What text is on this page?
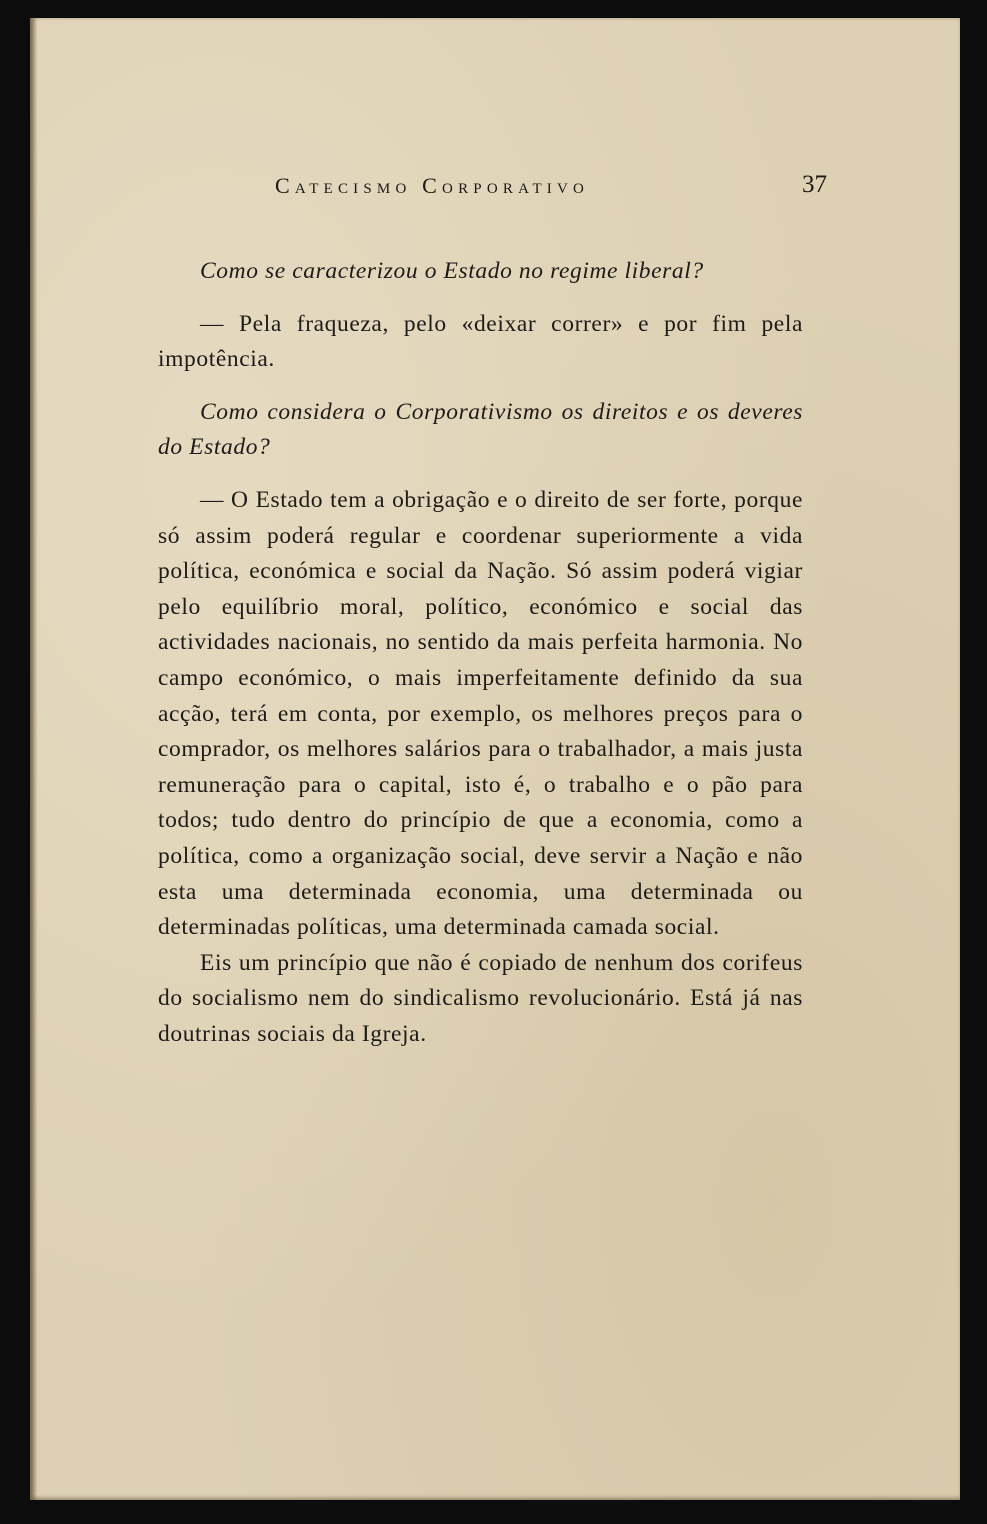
Catecismo Corporativo	37

Como se caracterizou o Estado no regime liberal?

— Pela fraqueza, pelo «deixar correr» e por fim pela impotência.

Como considera o Corporativismo os direitos e os deveres do Estado?

— O Estado tem a obrigação e o direito de ser forte, porque só assim poderá regular e coordenar superiormente a vida política, económica e social da Nação. Só assim poderá vigiar pelo equilíbrio moral, político, económico e social das actividades nacionais, no sentido da mais perfeita harmonia. No campo económico, o mais imperfeitamente definido da sua acção, terá em conta, por exemplo, os melhores preços para o comprador, os melhores salários para o trabalhador, a mais justa remuneração para o capital, isto é, o trabalho e o pão para todos; tudo dentro do princípio de que a economia, como a política, como a organização social, deve servir a Nação e não esta uma determinada economia, uma determinada ou determinadas políticas, uma determinada camada social.

Eis um princípio que não é copiado de nenhum dos corifeus do socialismo nem do sindicalismo revolucionário. Está já nas doutrinas sociais da Igreja.
